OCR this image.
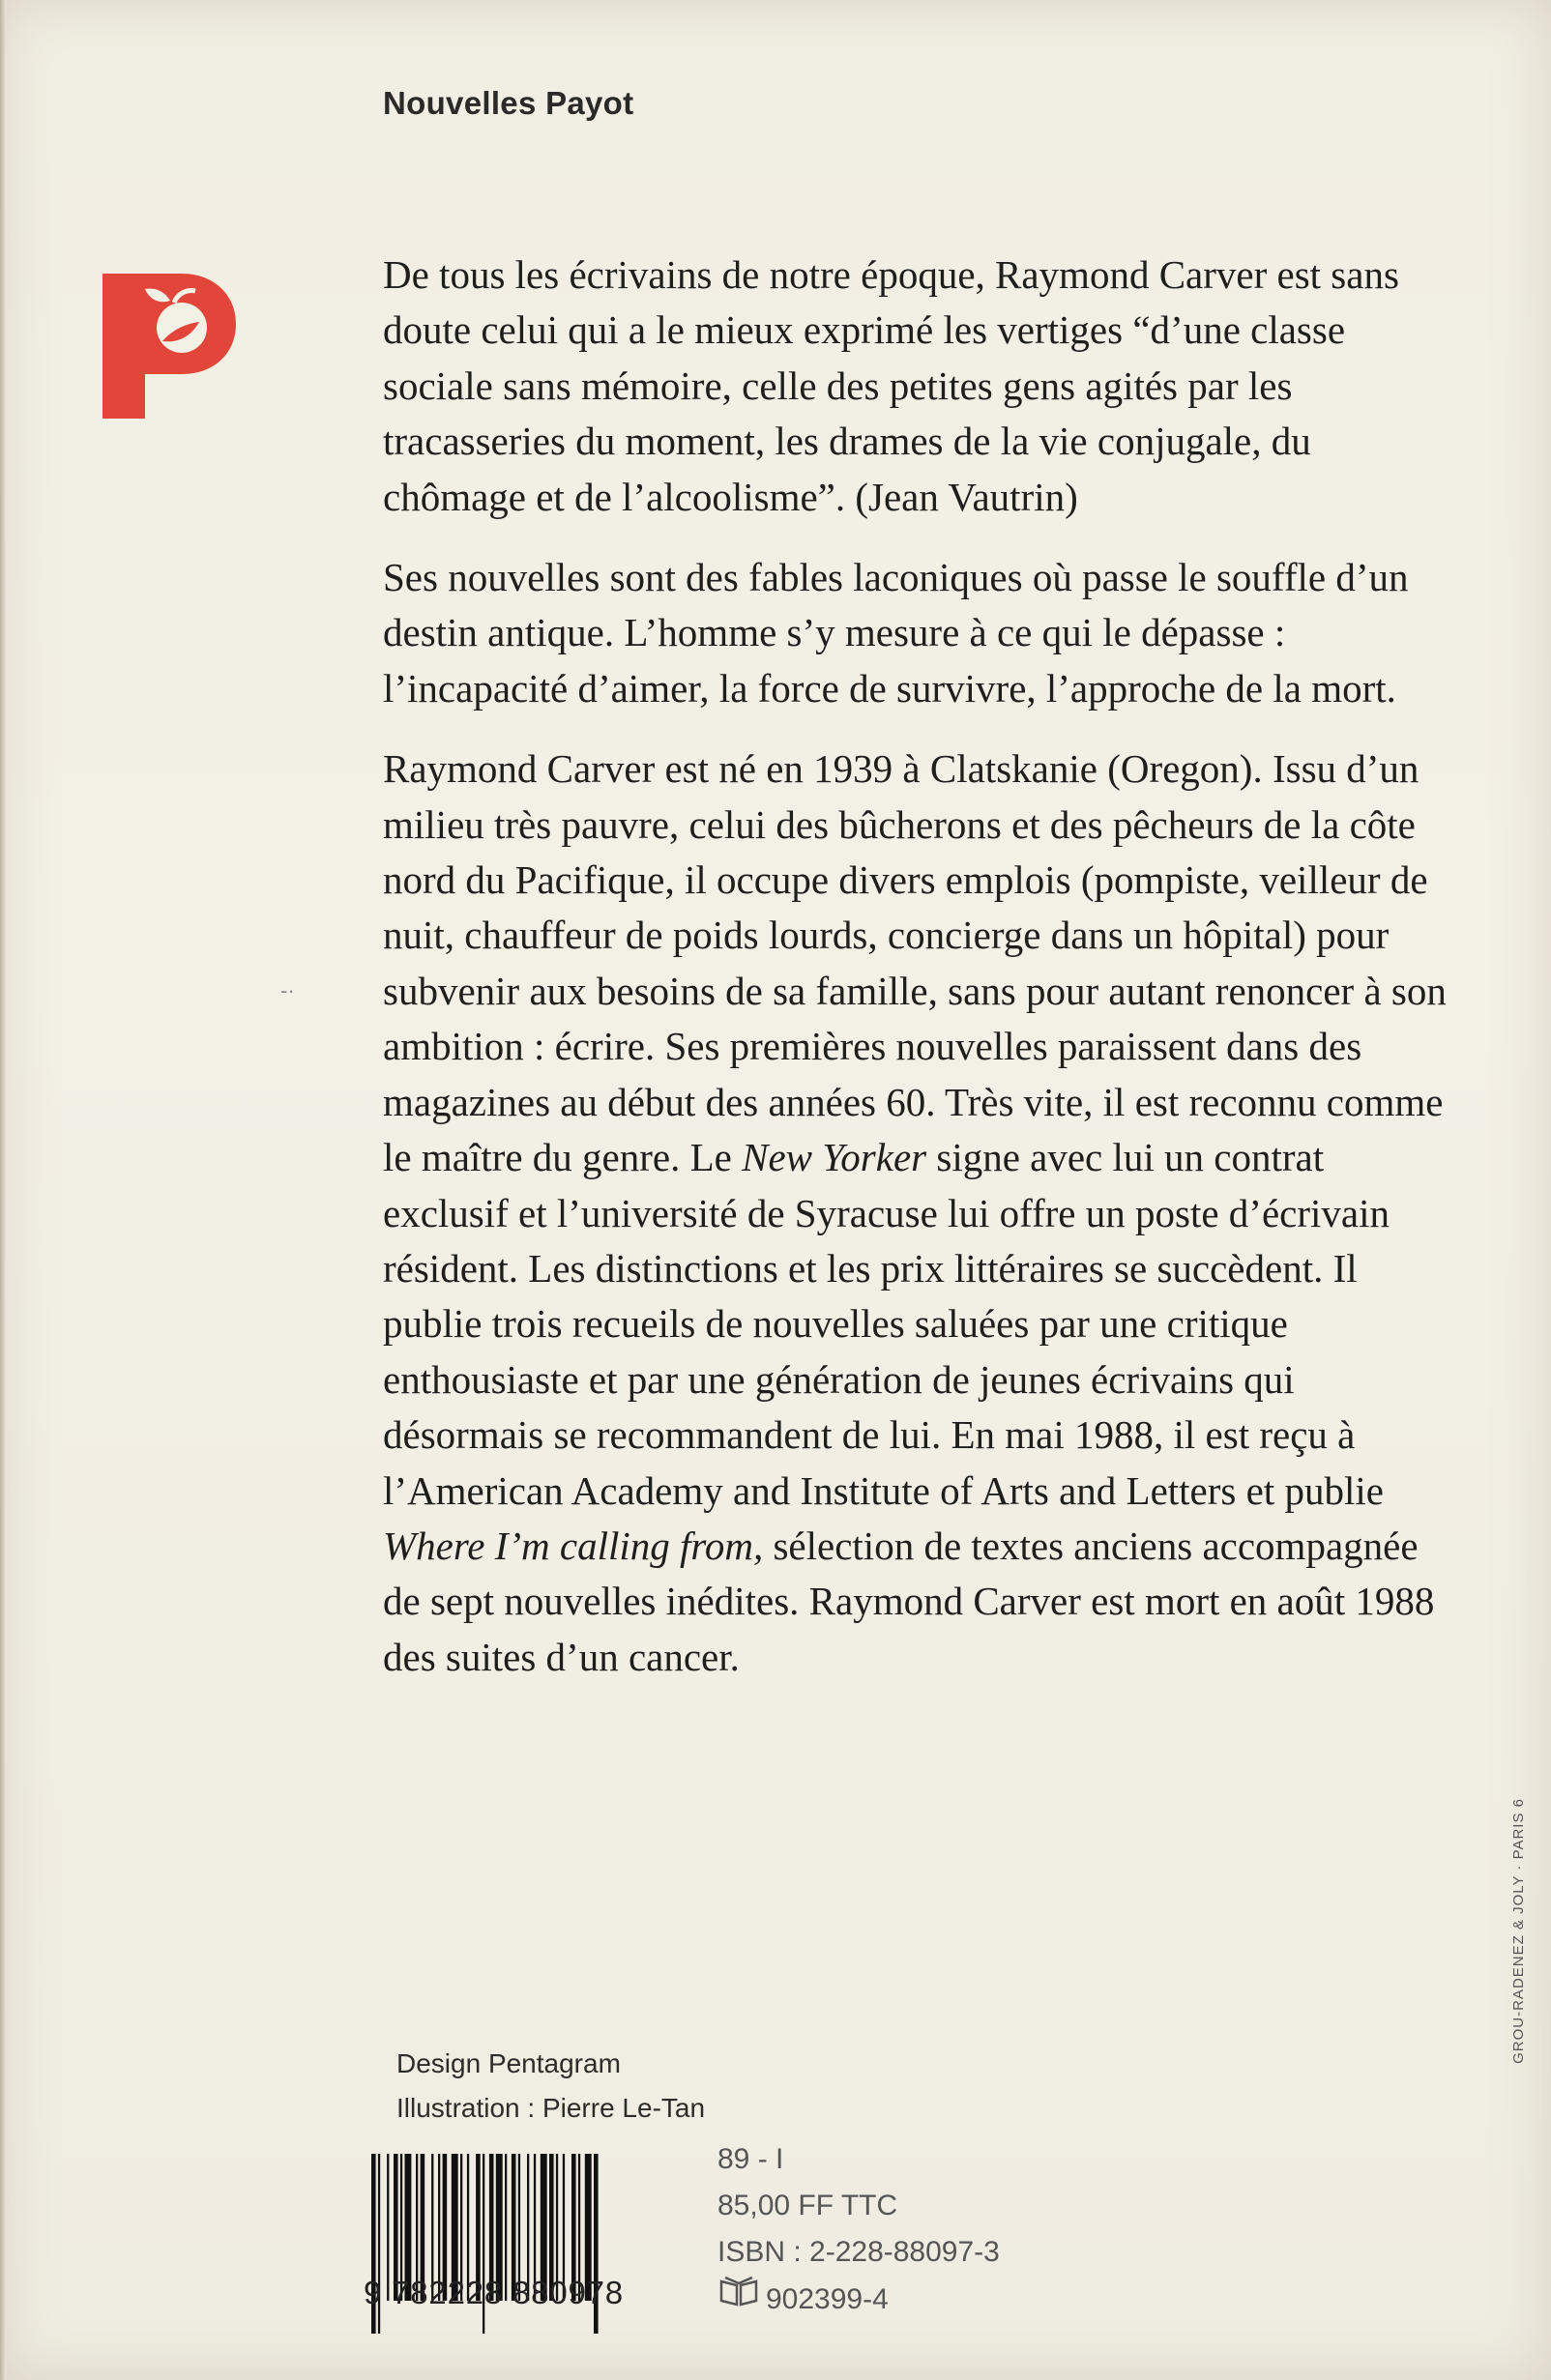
Nouvelles Payot

De tous les écrivains de notre époque, Raymond Carver est sans doute celui qui a le mieux exprimé les vertiges “d’une classe sociale sans mémoire, celle des petites gens agités par les tracasseries du moment, les drames de la vie conjugale, du chômage et de l’alcoolisme”. (Jean Vautrin)

Ses nouvelles sont des fables laconiques où passe le souffle d’un destin antique. L’homme s’y mesure à ce qui le dépasse : l’incapacité d’aimer, la force de survivre, l’approche de la mort.

Raymond Carver est né en 1939 à Clatskanie (Oregon). Issu d’un milieu très pauvre, celui des bûcherons et des pêcheurs de la côte nord du Pacifique, il occupe divers emplois (pompiste, veilleur de nuit, chauffeur de poids lourds, concierge dans un hôpital) pour subvenir aux besoins de sa famille, sans pour autant renoncer à son ambition : écrire. Ses premières nouvelles paraissent dans des magazines au début des années 60. Très vite, il est reconnu comme le maître du genre. Le New Yorker signe avec lui un contrat exclusif et l’université de Syracuse lui offre un poste d’écrivain résident. Les distinctions et les prix littéraires se succèdent. Il publie trois recueils de nouvelles saluées par une critique enthousiaste et par une génération de jeunes écrivains qui désormais se recommandent de lui. En mai 1988, il est reçu à l’American Academy and Institute of Arts and Letters et publie Where I’m calling from, sélection de textes anciens accompagnée de sept nouvelles inédites. Raymond Carver est mort en août 1988 des suites d’un cancer.

-·
Design Pentagram
Illustration : Pierre Le-Tan
9 782228 880978
89 - I
85,00 FF TTC
ISBN : 2-228-88097-3
902399-4
GROU-RADENEZ & JOLY · PARIS 6
